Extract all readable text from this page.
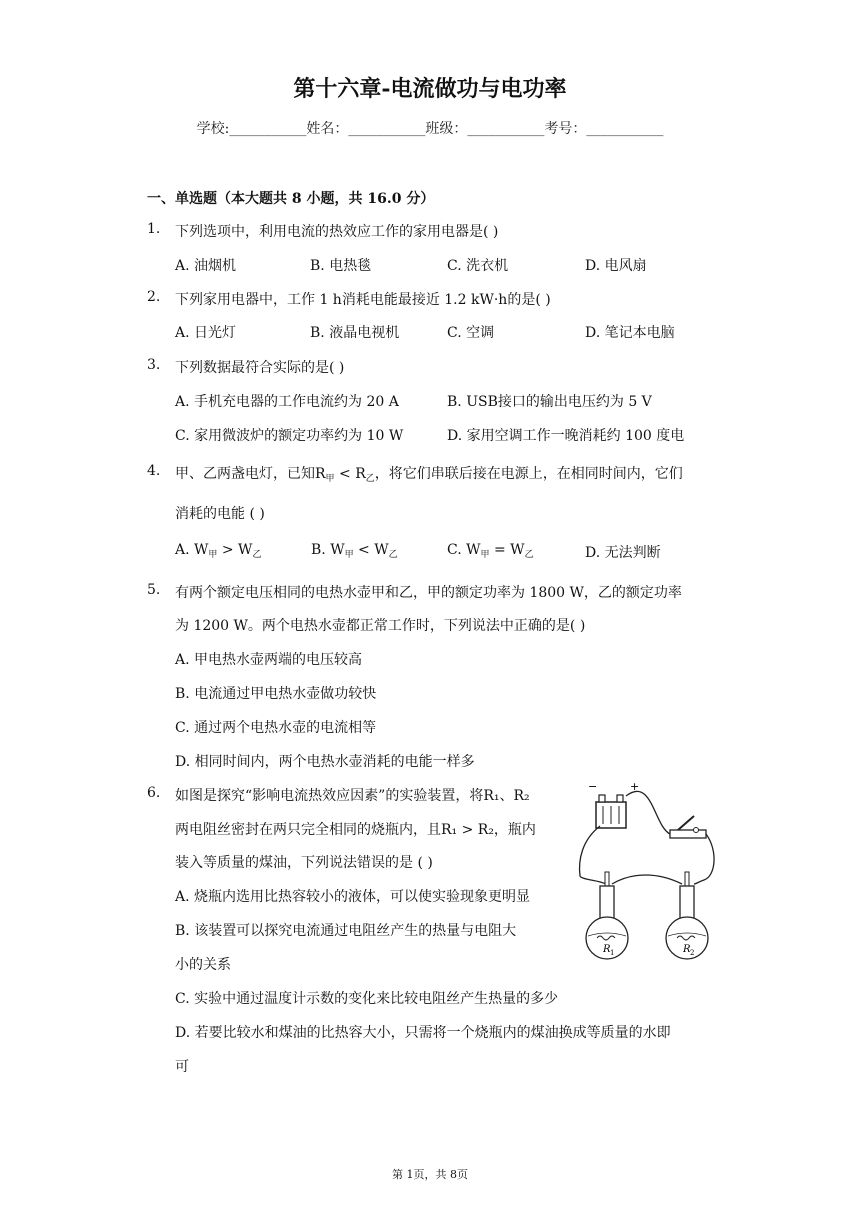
第十六章-电流做功与电功率
学校:___________姓名：___________班级：___________考号：___________
一、单选题（本大题共 8 小题，共 16.0 分）
1.	下列选项中，利用电流的热效应工作的家用电器是( )
A. 油烟机	B. 电热毯	C. 洗衣机	D. 电风扇
2.	下列家用电器中，工作 1 h消耗电能最接近 1.2 kW·h的是( )
A. 日光灯	B. 液晶电视机	C. 空调	D. 笔记本电脑
3.	下列数据最符合实际的是( )
A. 手机充电器的工作电流约为 20 A	B. USB接口的输出电压约为 5 V
C. 家用微波炉的额定功率约为 10 W	D. 家用空调工作一晚消耗约 100 度电
4.	甲、乙两盏电灯，已知$R_甲 < R_乙$，将它们串联后接在电源上，在相同时间内，它们
消耗的电能 ( )
A. $W_甲 > W_乙$	B. $W_甲 < W_乙$	C. $W_甲 = W_乙$	D. 无法判断
5.	有两个额定电压相同的电热水壶甲和乙，甲的额定功率为 1800 W，乙的额定功率
为 1200 W。两个电热水壶都正常工作时，下列说法中正确的是( )
A. 甲电热水壶两端的电压较高
B. 电流通过甲电热水壶做功较快
C. 通过两个电热水壶的电流相等
D. 相同时间内，两个电热水壶消耗的电能一样多
6.	如图是探究“影响电流热效应因素”的实验装置，将R₁、R₂
两电阻丝密封在两只完全相同的烧瓶内，且R₁ > R₂，瓶内
装入等质量的煤油，下列说法错误的是 ( )
A. 烧瓶内选用比热容较小的液体，可以使实验现象更明显
B. 该装置可以探究电流通过电阻丝产生的热量与电阻大
小的关系
C. 实验中通过温度计示数的变化来比较电阻丝产生热量的多少
D. 若要比较水和煤油的比热容大小，只需将一个烧瓶内的煤油换成等质量的水即
可
−	+
R 1	R 2
第 1页，共 8页
